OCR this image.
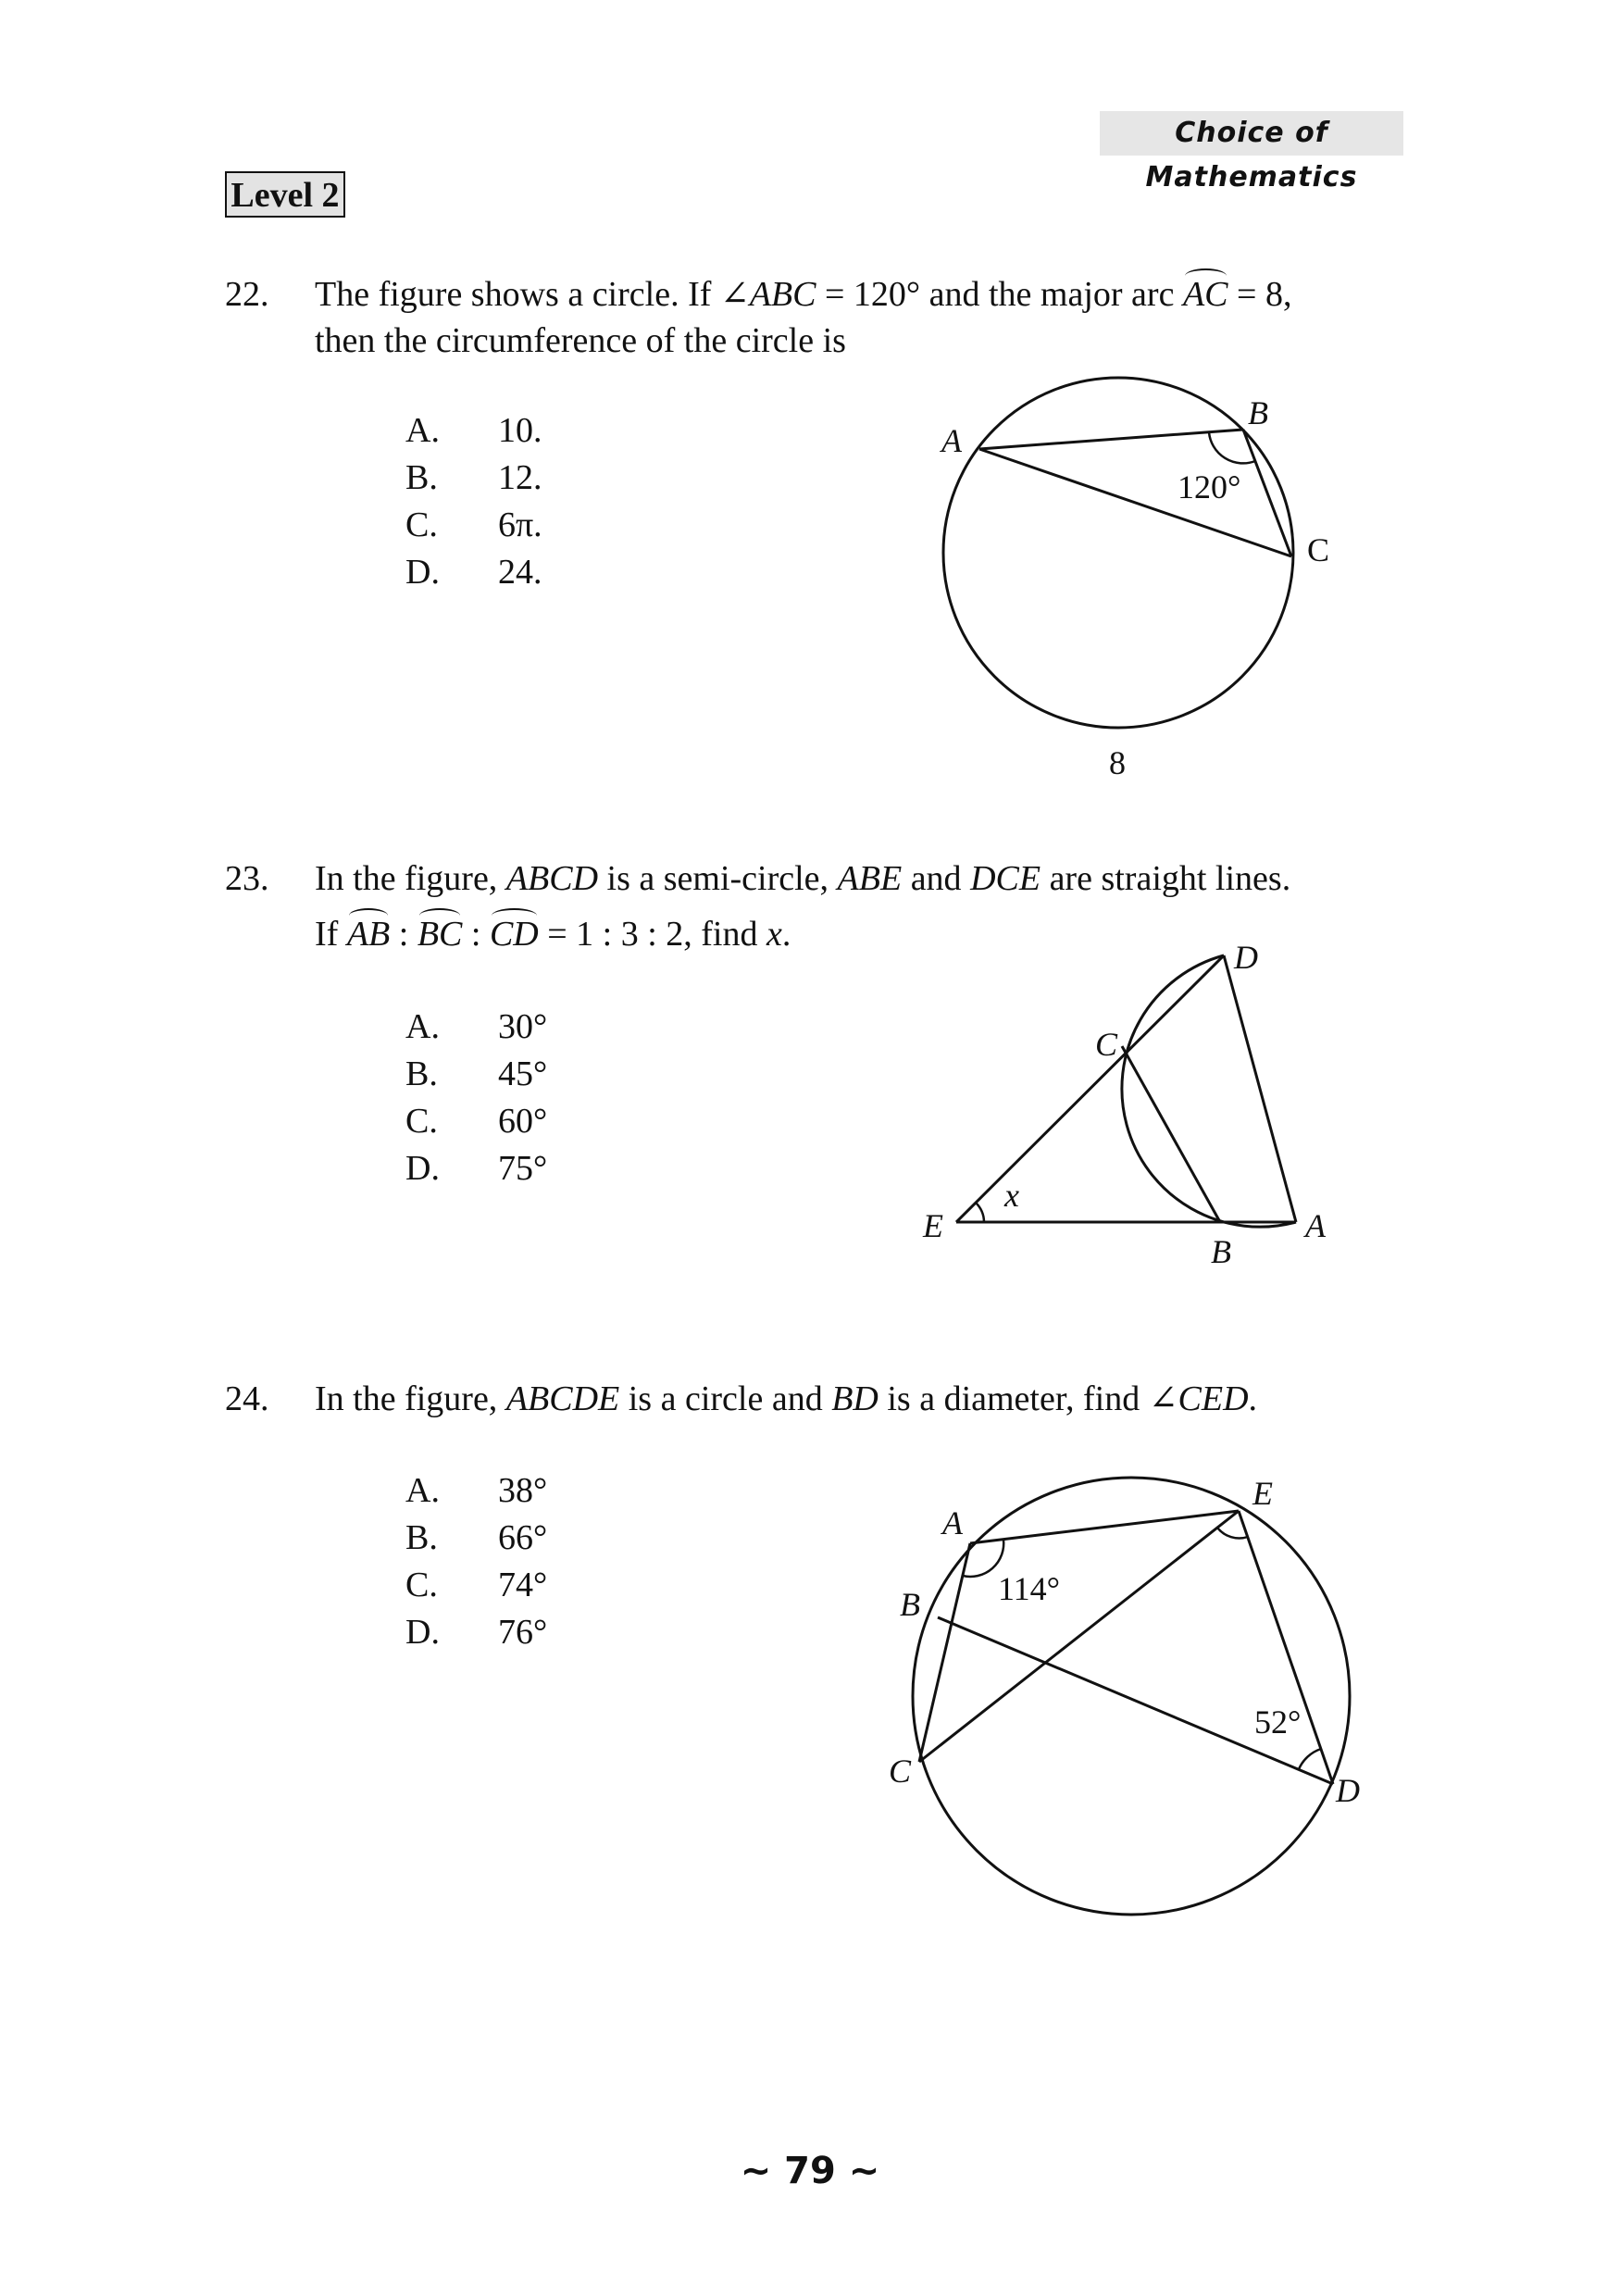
Choice of Mathematics
Level 2
22. The figure shows a circle. If ∠ABC = 120° and the major arc AC = 8,
then the circumference of the circle is
A.	10.
B.	12.
C.	6π.
D.	24.
A
B
C
120°
8
23. In the figure, ABCD is a semi-circle, ABE and DCE are straight lines.
If AB : BC : CD = 1 : 3 : 2, find x.
A.	30°
B.	45°
C.	60°
D.	75°
D
C
E
x
B
A
24. In the figure, ABCDE is a circle and BD is a diameter, find ∠CED.
A.	38°
B.	66°
C.	74°
D.	76°
A
E
B
C
D
114°
52°
~ 79 ~
